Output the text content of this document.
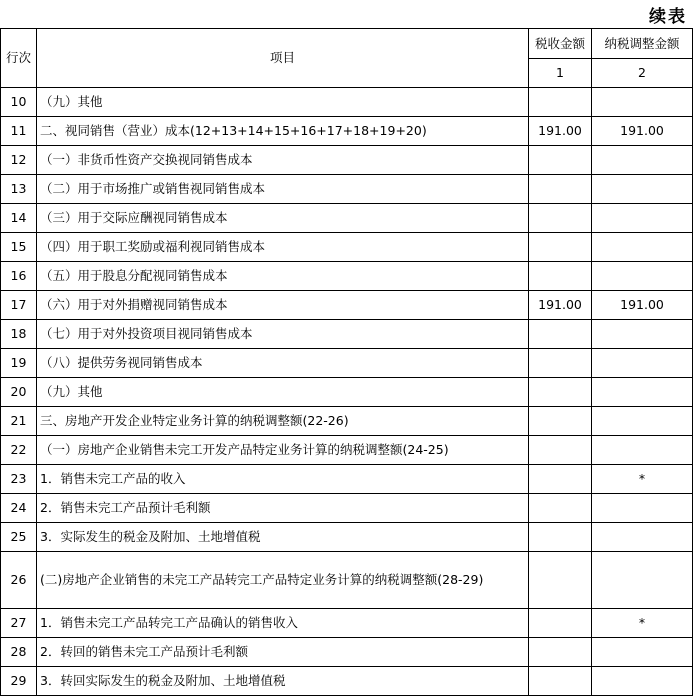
续表
行次	项目	税收金额	纳税调整金额
		1	2
10	（九）其他		
11	二、视同销售（营业）成本(12+13+14+15+16+17+18+19+20)	191.00	191.00
12	（一）非货币性资产交换视同销售成本		
13	（二）用于市场推广或销售视同销售成本		
14	（三）用于交际应酬视同销售成本		
15	（四）用于职工奖励或福利视同销售成本		
16	（五）用于股息分配视同销售成本		
17	（六）用于对外捐赠视同销售成本	191.00	191.00
18	（七）用于对外投资项目视同销售成本		
19	（八）提供劳务视同销售成本		
20	（九）其他		
21	三、房地产开发企业特定业务计算的纳税调整额(22-26)		
22	（一）房地产企业销售未完工开发产品特定业务计算的纳税调整额(24-25)		
23	1．销售未完工产品的收入		*
24	2．销售未完工产品预计毛利额		
25	3．实际发生的税金及附加、土地增值税		
26	(二)房地产企业销售的未完工产品转完工产品特定业务计算的纳税调整额(28-29)		
27	1．销售未完工产品转完工产品确认的销售收入		*
28	2．转回的销售未完工产品预计毛利额		
29	3．转回实际发生的税金及附加、土地增值税		
